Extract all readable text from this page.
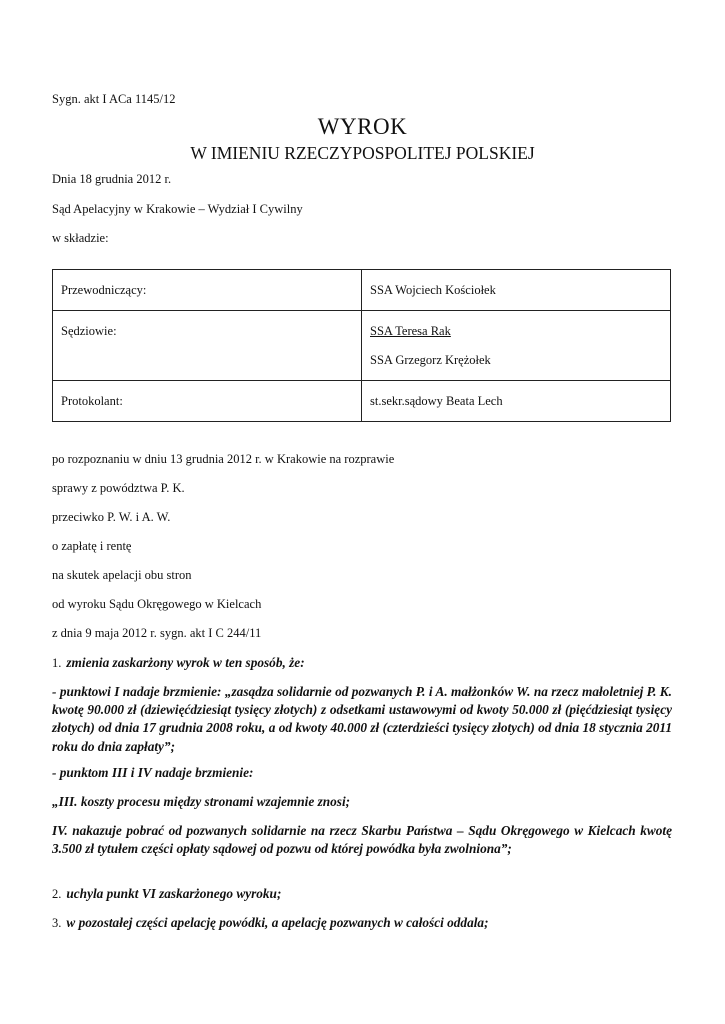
Sygn. akt I ACa 1145/12
WYROK
W IMIENIU RZECZYPOSPOLITEJ POLSKIEJ
Dnia 18 grudnia 2012 r.
Sąd Apelacyjny w Krakowie – Wydział I Cywilny
w składzie:
Przewodniczący:	SSA Wojciech Kościołek
Sędziowie:	SSA Teresa Rak
SSA Grzegorz Krężołek

Protokolant:	st.sekr.sądowy Beata Lech
po rozpoznaniu w dniu 13 grudnia 2012 r. w Krakowie na rozprawie
sprawy z powództwa P. K.
przeciwko P. W. i A. W.
o zapłatę i rentę
na skutek apelacji obu stron
od wyroku Sądu Okręgowego w Kielcach
z dnia 9 maja 2012 r. sygn. akt I C 244/11
1. zmienia zaskarżony wyrok w ten sposób, że:
- punktowi I nadaje brzmienie: „zasądza solidarnie od pozwanych P. i A. małżonków W. na rzecz małoletniej P. K. kwotę 90.000 zł (dziewięćdziesiąt tysięcy złotych) z odsetkami ustawowymi od kwoty 50.000 zł (pięćdziesiąt tysięcy złotych) od dnia 17 grudnia 2008 roku, a od kwoty 40.000 zł (czterdzieści tysięcy złotych) od dnia 18 stycznia 2011 roku do dnia zapłaty”;
- punktom III i IV nadaje brzmienie:
„III. koszty procesu między stronami wzajemnie znosi;
IV. nakazuje pobrać od pozwanych solidarnie na rzecz Skarbu Państwa – Sądu Okręgowego w Kielcach kwotę 3.500 zł tytułem części opłaty sądowej od pozwu od której powódka była zwolniona”;
2. uchyla punkt VI zaskarżonego wyroku;
3. w pozostałej części apelację powódki, a apelację pozwanych w całości oddala;
